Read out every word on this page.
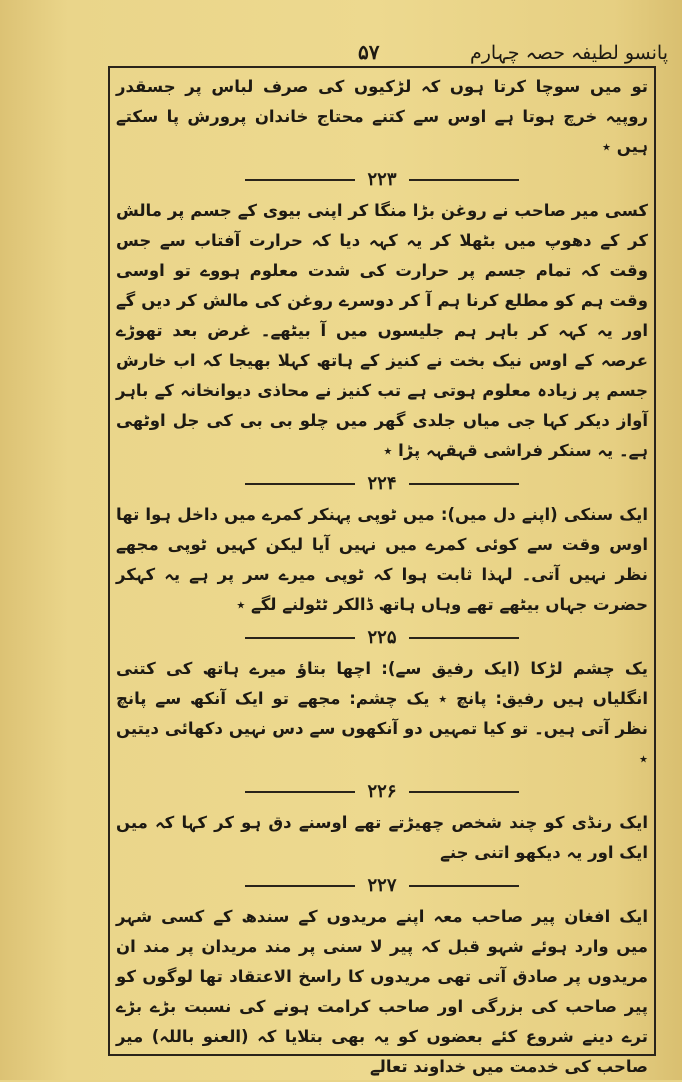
پانسو لطیفہ حصہ چہارم
۵۷

تو میں سوچا کرتا ہوں کہ لڑکیوں کی صرف لباس پر جسقدر روپیہ خرچ ہوتا ہے اوس سے کتنے محتاج خاندان پرورش پا سکتے ہیں ٭

۲۲۳

کسی میر صاحب نے روغن بڑا منگا کر اپنی بیوی کے جسم پر مالش کر کے دھوپ میں بٹھلا کر یہ کہہ دیا کہ حرارت آفتاب سے جس وقت کہ تمام جسم پر حرارت کی شدت معلوم ہووے تو اوسی وقت ہم کو مطلع کرنا ہم آ کر دوسرے روغن کی مالش کر دیں گے اور یہ کہہ کر باہر ہم جلیسوں میں آ بیٹھے۔ غرض بعد تھوڑے عرصہ کے اوس نیک بخت نے کنیز کے ہاتھ کہلا بھیجا کہ اب خارش جسم پر زیادہ معلوم ہوتی ہے تب کنیز نے محاذی دیوانخانہ کے باہر آواز دیکر کہا جی میاں جلدی گھر میں چلو بی بی کی جل اوٹھی ہے۔ یہ سنکر فراشی قہقہہ پڑا ٭

۲۲۴

ایک سنکی (اپنے دل میں): میں ٹوپی پہنکر کمرے میں داخل ہوا تھا اوس وقت سے کوئی کمرے میں نہیں آیا لیکن کہیں ٹوپی مجھے نظر نہیں آتی۔ لہذا ثابت ہوا کہ ٹوپی میرے سر پر ہے یہ کہکر حضرت جہاں بیٹھے تھے وہاں ہاتھ ڈالکر ٹٹولنے لگے ٭

۲۲۵

یک چشم لڑکا (ایک رفیق سے): اچھا بتاؤ میرے ہاتھ کی کتنی انگلیاں ہیں رفیق: پانچ ٭ یک چشم: مجھے تو ایک آنکھ سے پانچ نظر آتی ہیں۔ تو کیا تمہیں دو آنکھوں سے دس نہیں دکھائی دیتیں ٭

۲۲۶

ایک رنڈی کو چند شخص چھیڑتے تھے اوسنے دق ہو کر کہا کہ میں ایک اور یہ دیکھو اتنی جنے

۲۲۷

ایک افغان پیر صاحب معہ اپنے مریدوں کے سندھ کے کسی شہر میں وارد ہوئے شہو قبل کہ پیر لا سنی پر مند مریدان پر مند ان مریدوں پر صادق آتی تھی مریدوں کا راسخ الاعتقاد تھا لوگوں کو پیر صاحب کی بزرگی اور صاحب کرامت ہونے کی نسبت بڑے بڑے ترے دینے شروع کئے بعضوں کو یہ بھی بتلایا کہ (العنو باللہ) میر صاحب کی خدمت میں خداوند تعالے
